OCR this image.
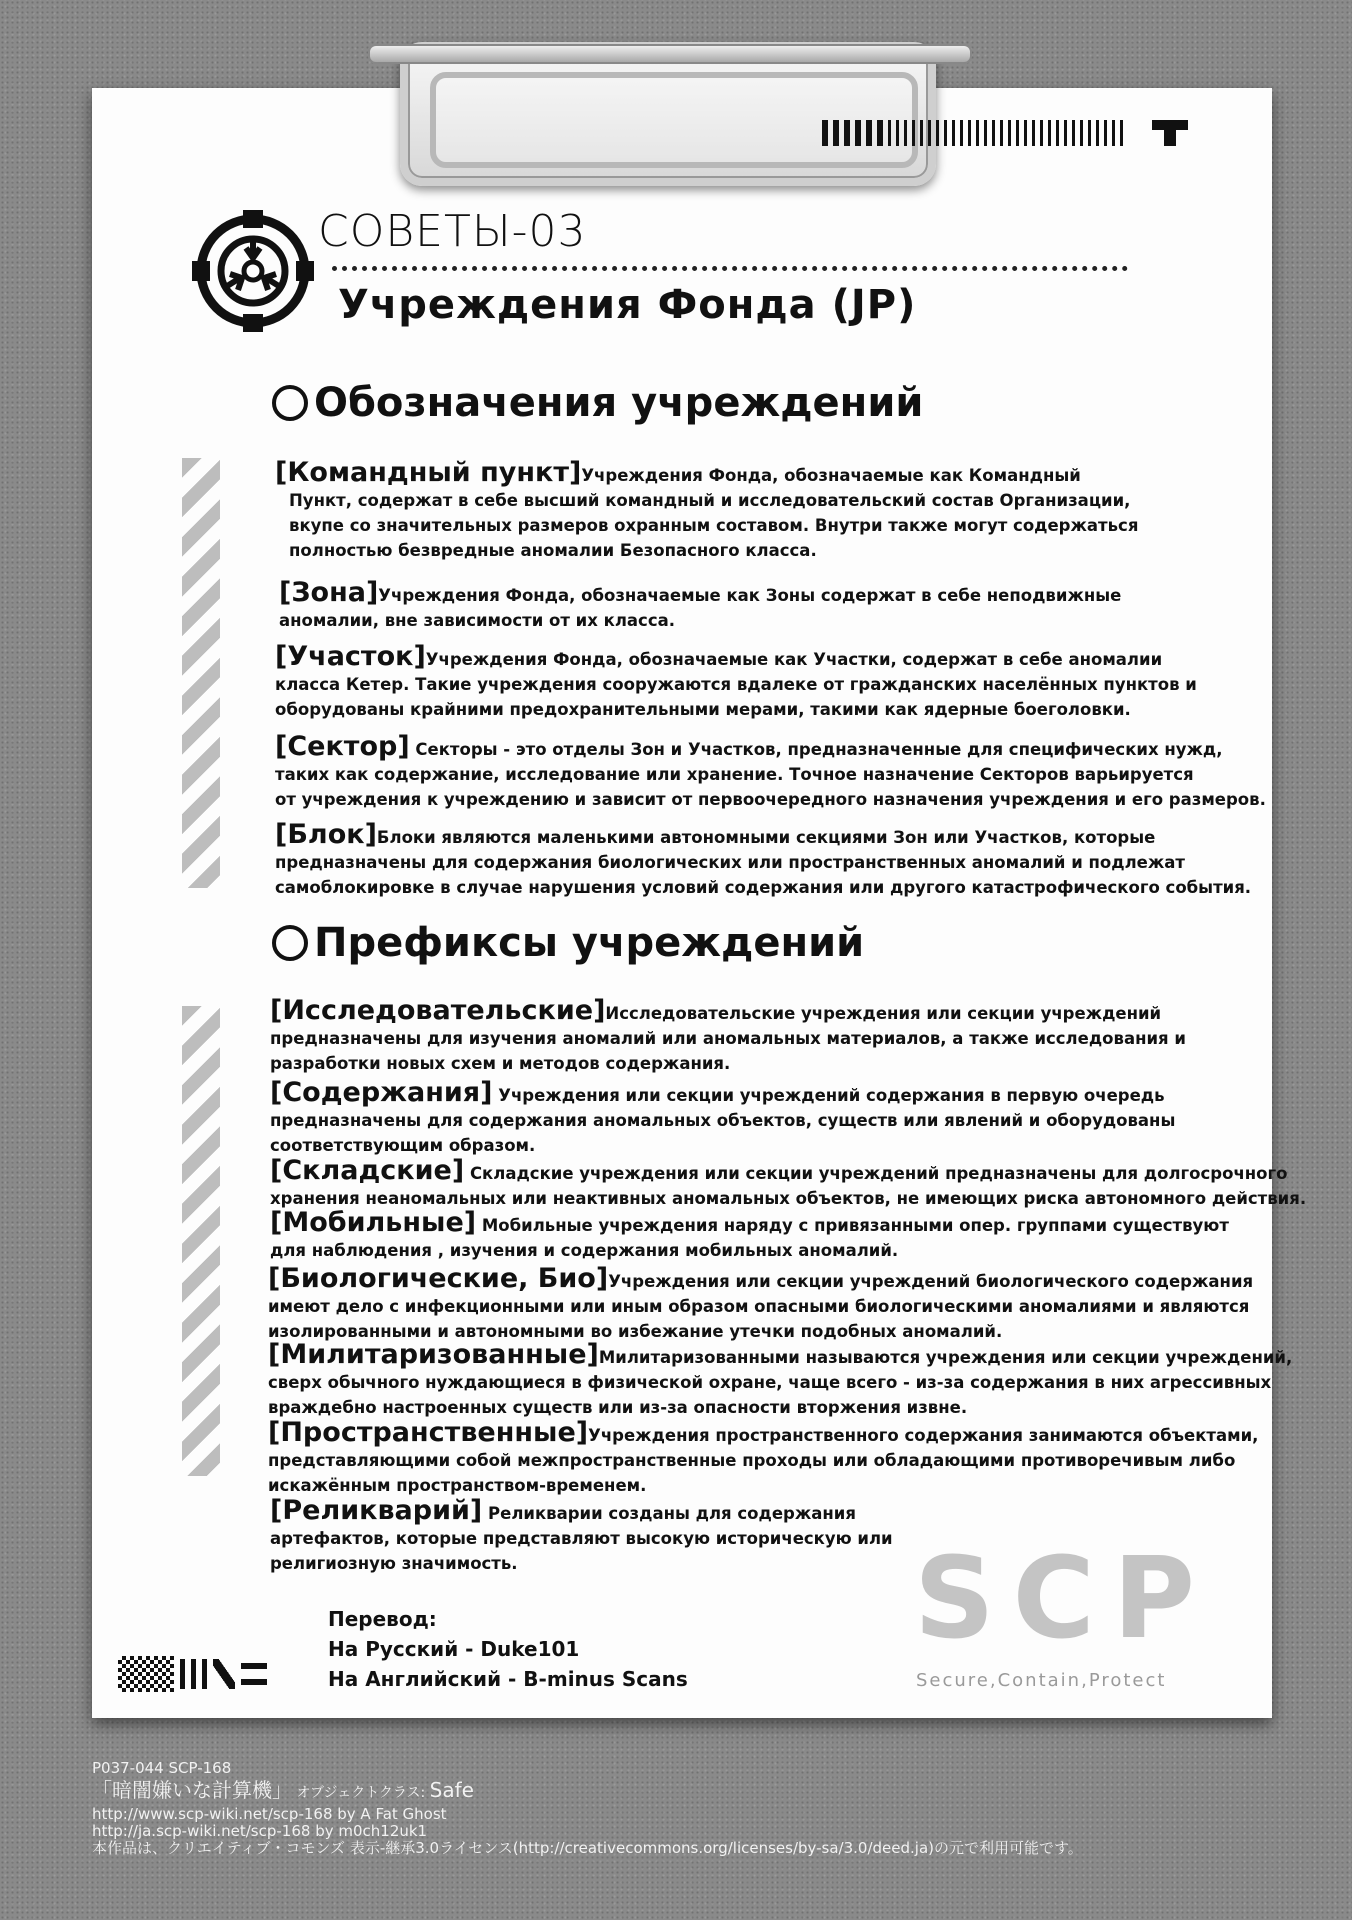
СОВЕТЫ-03
Учреждения Фонда (JP)
Обозначения учреждений
[Командный пункт]Учреждения Фонда, обозначаемые как Командный
Пункт, содержат в себе высший командный и исследовательский состав Организации,
вкупе со значительных размеров охранным составом. Внутри также могут содержаться
полностью безвредные аномалии Безопасного класса.
[Зона]Учреждения Фонда, обозначаемые как Зоны содержат в себе неподвижные
аномалии, вне зависимости от их класса.
[Участок]Учреждения Фонда, обозначаемые как Участки, содержат в себе аномалии
класса Кетер. Такие учреждения сооружаются вдалеке от гражданских населённых пунктов и
оборудованы крайними предохранительными мерами, такими как ядерные боеголовки.
[Сектор] Секторы - это отделы Зон и Участков, предназначенные для специфических нужд,
таких как содержание, исследование или хранение. Точное назначение Секторов варьируется
от учреждения к учреждению и зависит от первоочередного назначения учреждения и его размеров.
[Блок]Блоки являются маленькими автономными секциями Зон или Участков, которые
предназначены для содержания биологических или пространственных аномалий и подлежат
самоблокировке в случае нарушения условий содержания или другого катастрофического события.
Префиксы учреждений
[Исследовательские]Исследовательские учреждения или секции учреждений
предназначены для изучения аномалий или аномальных материалов, а также исследования и
разработки новых схем и методов содержания.
[Содержания] Учреждения или секции учреждений содержания в первую очередь
предназначены для содержания аномальных объектов, существ или явлений и оборудованы
соответствующим образом.
[Складские] Складские учреждения или секции учреждений предназначены для долгосрочного
хранения неаномальных или неактивных аномальных объектов, не имеющих риска автономного действия.
[Мобильные] Мобильные учреждения наряду с привязанными опер. группами существуют
для наблюдения , изучения и содержания мобильных аномалий.
[Биологические, Био]Учреждения или секции учреждений биологического содержания
имеют дело с инфекционными или иным образом опасными биологическими аномалиями и являются
изолированными и автономными во избежание утечки подобных аномалий.
[Милитаризованные]Милитаризованными называются учреждения или секции учреждений,
сверх обычного нуждающиеся в физической охране, чаще всего - из-за содержания в них агрессивных
враждебно настроенных существ или из-за опасности вторжения извне.
[Пространственные]Учреждения пространственного содержания занимаются объектами,
представляющими собой межпространственные проходы или обладающими противоречивым либо
искажённым пространством-временем.
[Реликварий] Реликварии созданы для содержания
артефактов, которые представляют высокую историческую или
религиозную значимость.
Перевод:
На Русский - Duke101
На Английский - B-minus Scans
SCP
Secure,Contain,Protect
P037-044 SCP-168
「暗闇嫌いな計算機」 オブジェクトクラス: Safe
http://www.scp-wiki.net/scp-168 by A Fat Ghost
http://ja.scp-wiki.net/scp-168 by m0ch12uk1
本作品は、クリエイティブ・コモンズ 表示-継承3.0ライセンス(http://creativecommons.org/licenses/by-sa/3.0/deed.ja)の元で利用可能です。
